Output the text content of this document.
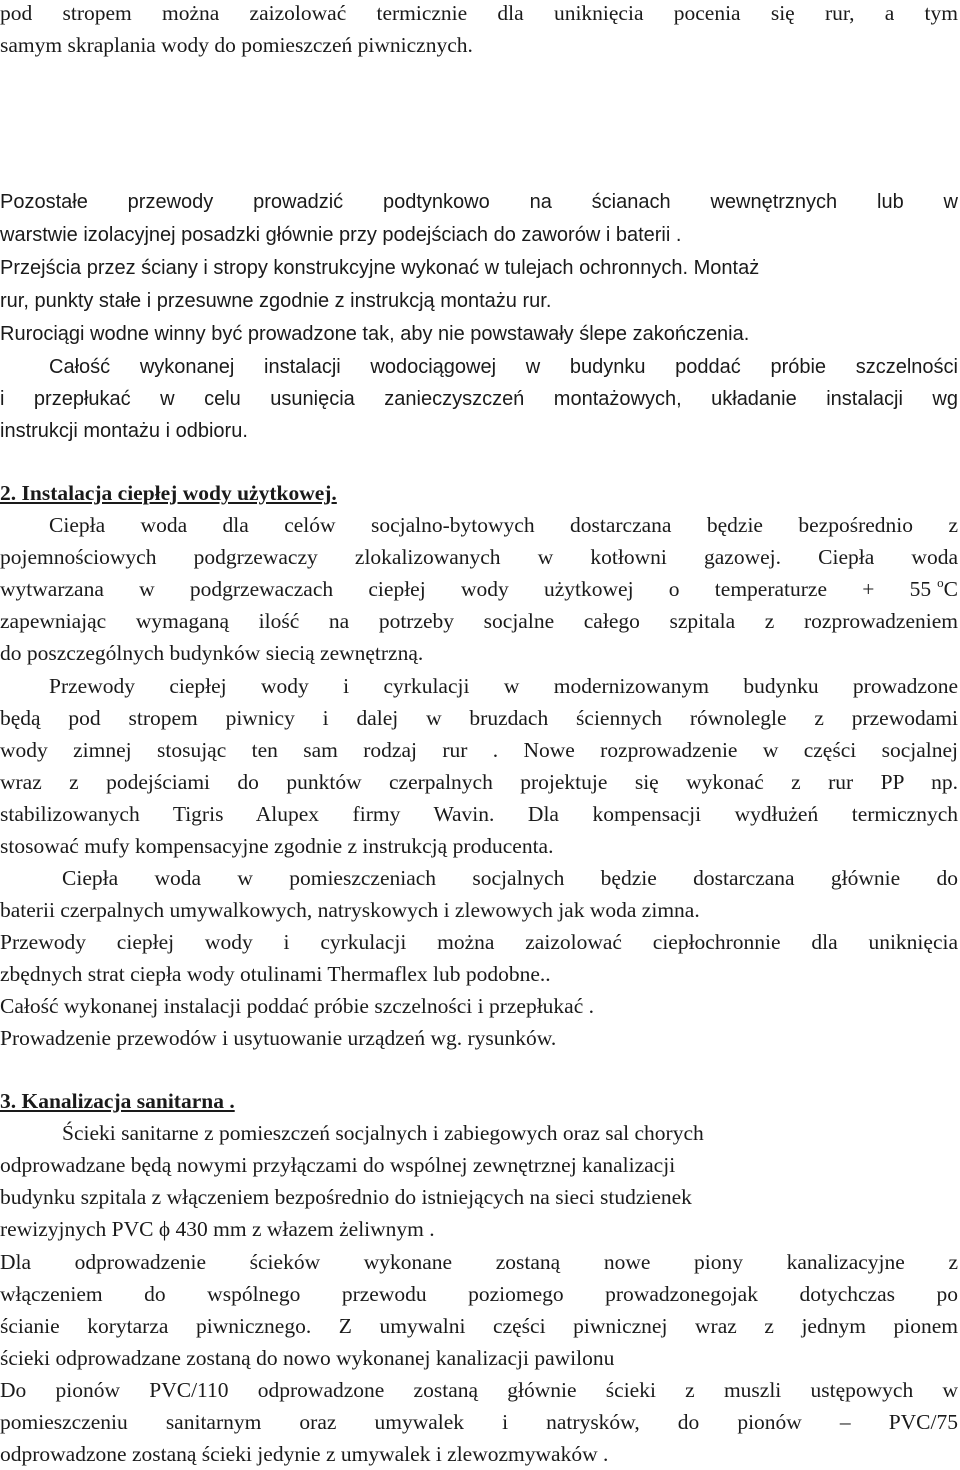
pod stropem można zaizolować termicznie dla uniknięcia pocenia się rur, a tym
samym skraplania wody do pomieszczeń piwnicznych.
Pozostałe przewody prowadzić podtynkowo na ścianach wewnętrznych lub w
warstwie izolacyjnej posadzki głównie przy podejściach do zaworów i baterii .
Przejścia przez ściany i stropy konstrukcyjne wykonać w tulejach ochronnych. Montaż
rur, punkty stałe i przesuwne zgodnie z instrukcją montażu rur.
Rurociągi wodne winny być prowadzone tak, aby nie powstawały ślepe zakończenia.
Całość wykonanej instalacji wodociągowej w budynku poddać próbie szczelności
i przepłukać w celu usunięcia zanieczyszczeń montażowych, układanie instalacji wg
instrukcji montażu i odbioru.
2. Instalacja ciepłej wody użytkowej.
Ciepła woda dla celów socjalno-bytowych dostarczana będzie bezpośrednio z
pojemnościowych podgrzewaczy zlokalizowanych w kotłowni gazowej. Ciepła woda
wytwarzana w podgrzewaczach ciepłej wody użytkowej o temperaturze + 55 $^o$C
zapewniając wymaganą ilość na potrzeby socjalne całego szpitala z rozprowadzeniem
do poszczególnych budynków siecią zewnętrzną.
Przewody ciepłej wody i cyrkulacji w modernizowanym budynku prowadzone
będą pod stropem piwnicy i dalej w bruzdach ściennych równolegle z przewodami
wody zimnej stosując ten sam rodzaj rur . Nowe rozprowadzenie w części socjalnej
wraz z podejściami do punktów czerpalnych projektuje się wykonać z rur PP np.
stabilizowanych Tigris Alupex firmy Wavin. Dla kompensacji wydłużeń termicznych
stosować mufy kompensacyjne zgodnie z instrukcją producenta.
Ciepła woda w pomieszczeniach socjalnych będzie dostarczana głównie do
baterii czerpalnych umywalkowych, natryskowych i zlewowych jak woda zimna.
Przewody ciepłej wody i cyrkulacji można zaizolować ciepłochronnie dla uniknięcia
zbędnych strat ciepła wody otulinami Thermaflex lub podobne..
Całość wykonanej instalacji poddać próbie szczelności i przepłukać .
Prowadzenie przewodów i usytuowanie urządzeń wg. rysunków.
3. Kanalizacja sanitarna .
Ścieki sanitarne z pomieszczeń socjalnych i zabiegowych oraz sal chorych
odprowadzane będą nowymi przyłączami do wspólnej zewnętrznej kanalizacji
budynku szpitala z włączeniem bezpośrednio do istniejących na sieci studzienek
rewizyjnych PVC ϕ 430 mm z włazem żeliwnym .
Dla odprowadzenie ścieków wykonane zostaną nowe piony kanalizacyjne z
włączeniem do wspólnego przewodu poziomego prowadzonegojak dotychczas po
ścianie korytarza piwnicznego. Z umywalni części piwnicznej wraz z jednym pionem
ścieki odprowadzane zostaną do nowo wykonanej kanalizacji pawilonu
Do pionów PVC/110 odprowadzone zostaną głównie ścieki z muszli ustępowych w
pomieszczeniu sanitarnym oraz umywalek i natrysków, do pionów – PVC/75
odprowadzone zostaną ścieki jedynie z umywalek i zlewozmywaków .
